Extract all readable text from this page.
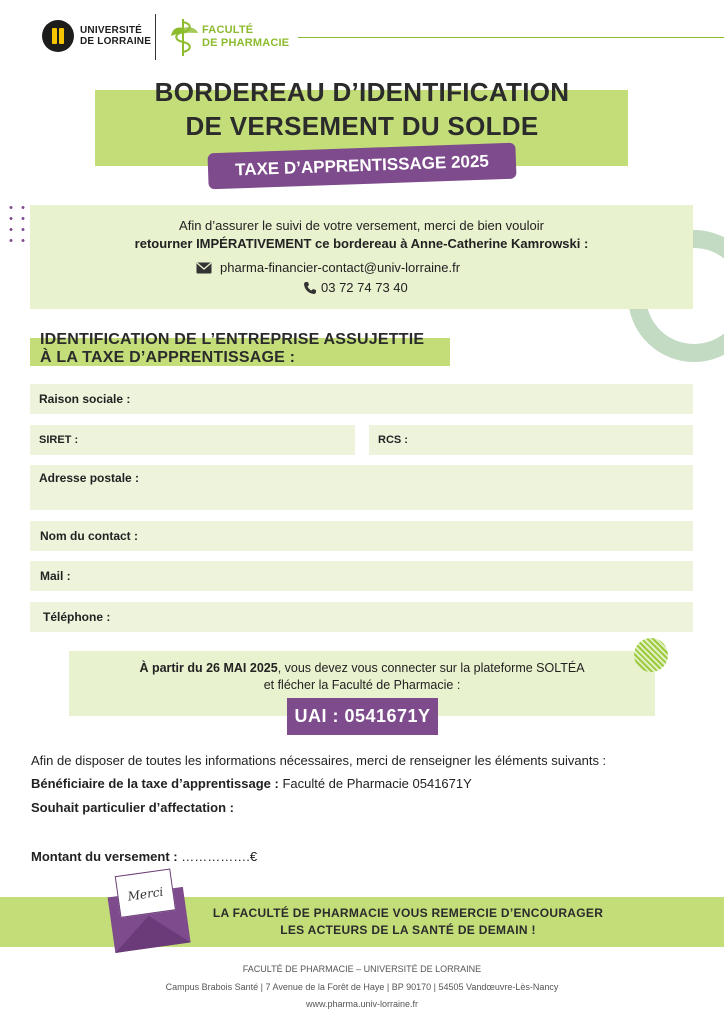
UNIVERSITÉ
DE LORRAINE
FACULTÉ
DE PHARMACIE
BORDEREAU D’IDENTIFICATION
DE VERSEMENT DU SOLDE
TAXE D’APPRENTISSAGE 2025
Afin d’assurer le suivi de votre versement, merci de bien vouloir
retourner IMPÉRATIVEMENT ce bordereau à Anne-Catherine Kamrowski :
pharma-financier-contact@univ-lorraine.fr
03 72 74 73 40
IDENTIFICATION DE L’ENTREPRISE ASSUJETTIE
À LA TAXE D’APPRENTISSAGE :
Raison sociale :
SIRET :	RCS :
Adresse postale :
Nom du contact :
Mail :
Téléphone :
À partir du 26 MAI 2025, vous devez vous connecter sur la plateforme SOLTÉA
et flécher la Faculté de Pharmacie :
UAI : 0541671Y
Afin de disposer de toutes les informations nécessaires, merci de renseigner les éléments suivants :
Bénéficiaire de la taxe d’apprentissage : Faculté de Pharmacie 0541671Y
Souhait particulier d’affectation :
Montant du versement : …………….€
Merci
LA FACULTÉ DE PHARMACIE VOUS REMERCIE D’ENCOURAGER
LES ACTEURS DE LA SANTÉ DE DEMAIN !
FACULTÉ DE PHARMACIE – UNIVERSITÉ DE LORRAINE
Campus Brabois Santé | 7 Avenue de la Forêt de Haye | BP 90170 | 54505 Vandœuvre-Lès-Nancy
www.pharma.univ-lorraine.fr
